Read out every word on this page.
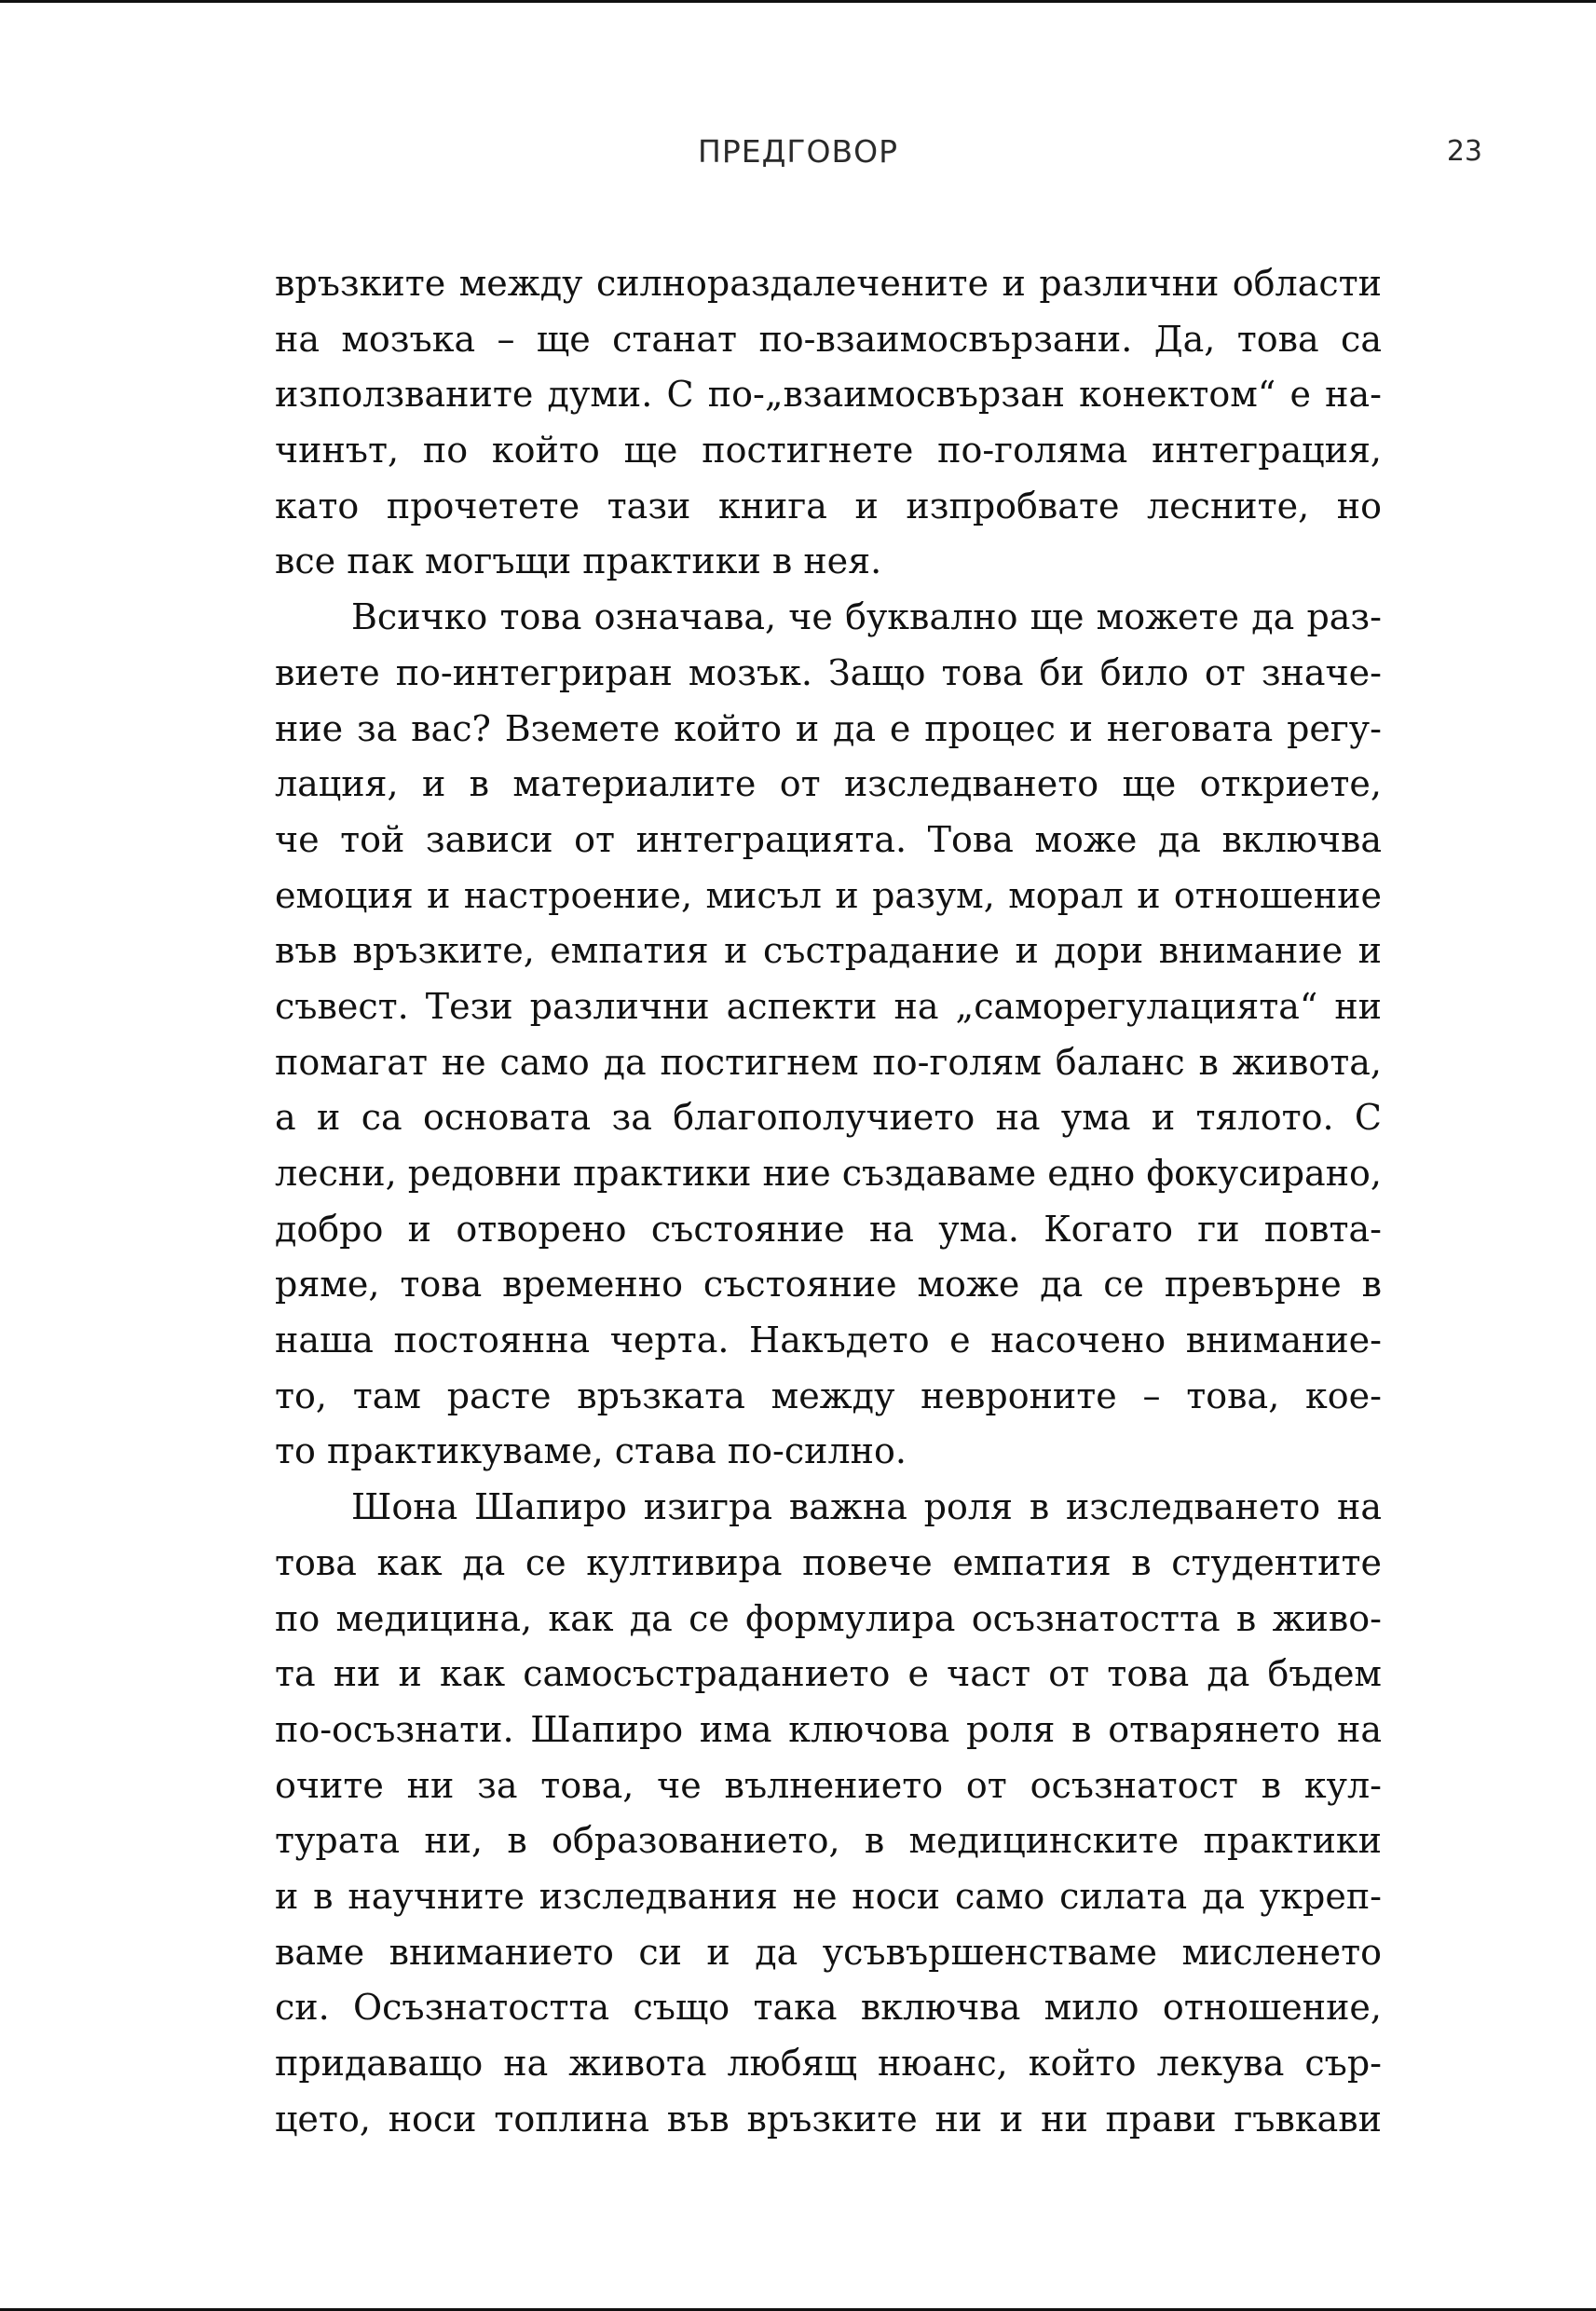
ПРЕДГОВОР	23
връзките между силнораздалечените и различни области
на мозъка – ще станат по-взаимосвързани. Да, това са
използваните думи. С по-„взаимосвързан конектом“ е на-
чинът, по който ще постигнете по-голяма интеграция,
като прочетете тази книга и изпробвате лесните, но
все пак могъщи практики в нея.
Всичко това означава, че буквално ще можете да раз-
виете по-интегриран мозък. Защо това би било от значе-
ние за вас? Вземете който и да е процес и неговата регу-
лация, и в материалите от изследването ще откриете,
че той зависи от интеграцията. Това може да включва
емоция и настроение, мисъл и разум, морал и отношение
във връзките, емпатия и състрадание и дори внимание и
съвест. Тези различни аспекти на „саморегулацията“ ни
помагат не само да постигнем по-голям баланс в живота,
а и са основата за благополучието на ума и тялото. С
лесни, редовни практики ние създаваме едно фокусирано,
добро и отворено състояние на ума. Когато ги повта-
ряме, това временно състояние може да се превърне в
наша постоянна черта. Накъдето е насочено внимание-
то, там расте връзката между невроните – това, кое-
то практикуваме, става по-силно.
Шона Шапиро изигра важна роля в изследването на
това как да се култивира повече емпатия в студентите
по медицина, как да се формулира осъзнатостта в живо-
та ни и как самосъстраданието е част от това да бъдем
по-осъзнати. Шапиро има ключова роля в отварянето на
очите ни за това, че вълнението от осъзнатост в кул-
турата ни, в образованието, в медицинските практики
и в научните изследвания не носи само силата да укреп-
ваме вниманието си и да усъвършенстваме мисленето
си. Осъзнатостта също така включва мило отношение,
придаващо на живота любящ нюанс, който лекува сър-
цето, носи топлина във връзките ни и ни прави гъвкави
